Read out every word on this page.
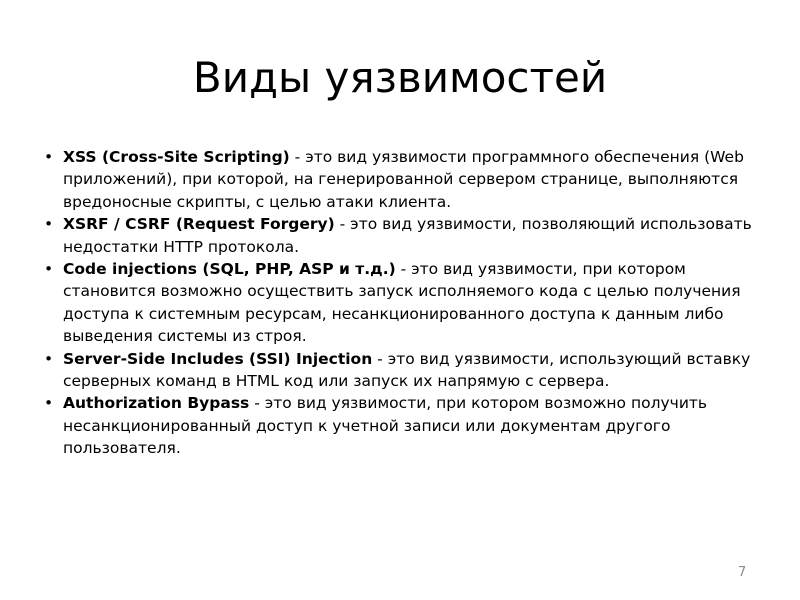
Виды уязвимостей
• XSS (Cross-Site Scripting) - это вид уязвимости программного обеспечения (Web приложений), при которой, на генерированной сервером странице, выполняются вредоносные скрипты, с целью атаки клиента.
• XSRF / CSRF (Request Forgery) - это вид уязвимости, позволяющий использовать недостатки HTTP протокола.
• Code injections (SQL, PHP, ASP и т.д.) - это вид уязвимости, при котором становится возможно осуществить запуск исполняемого кода с целью получения доступа к системным ресурсам, несанкционированного доступа к данным либо выведения системы из строя.
• Server-Side Includes (SSI) Injection - это вид уязвимости, использующий вставку серверных команд в HTML код или запуск их напрямую с сервера.
• Authorization Bypass - это вид уязвимости, при котором возможно получить несанкционированный доступ к учетной записи или документам другого пользователя.
7
